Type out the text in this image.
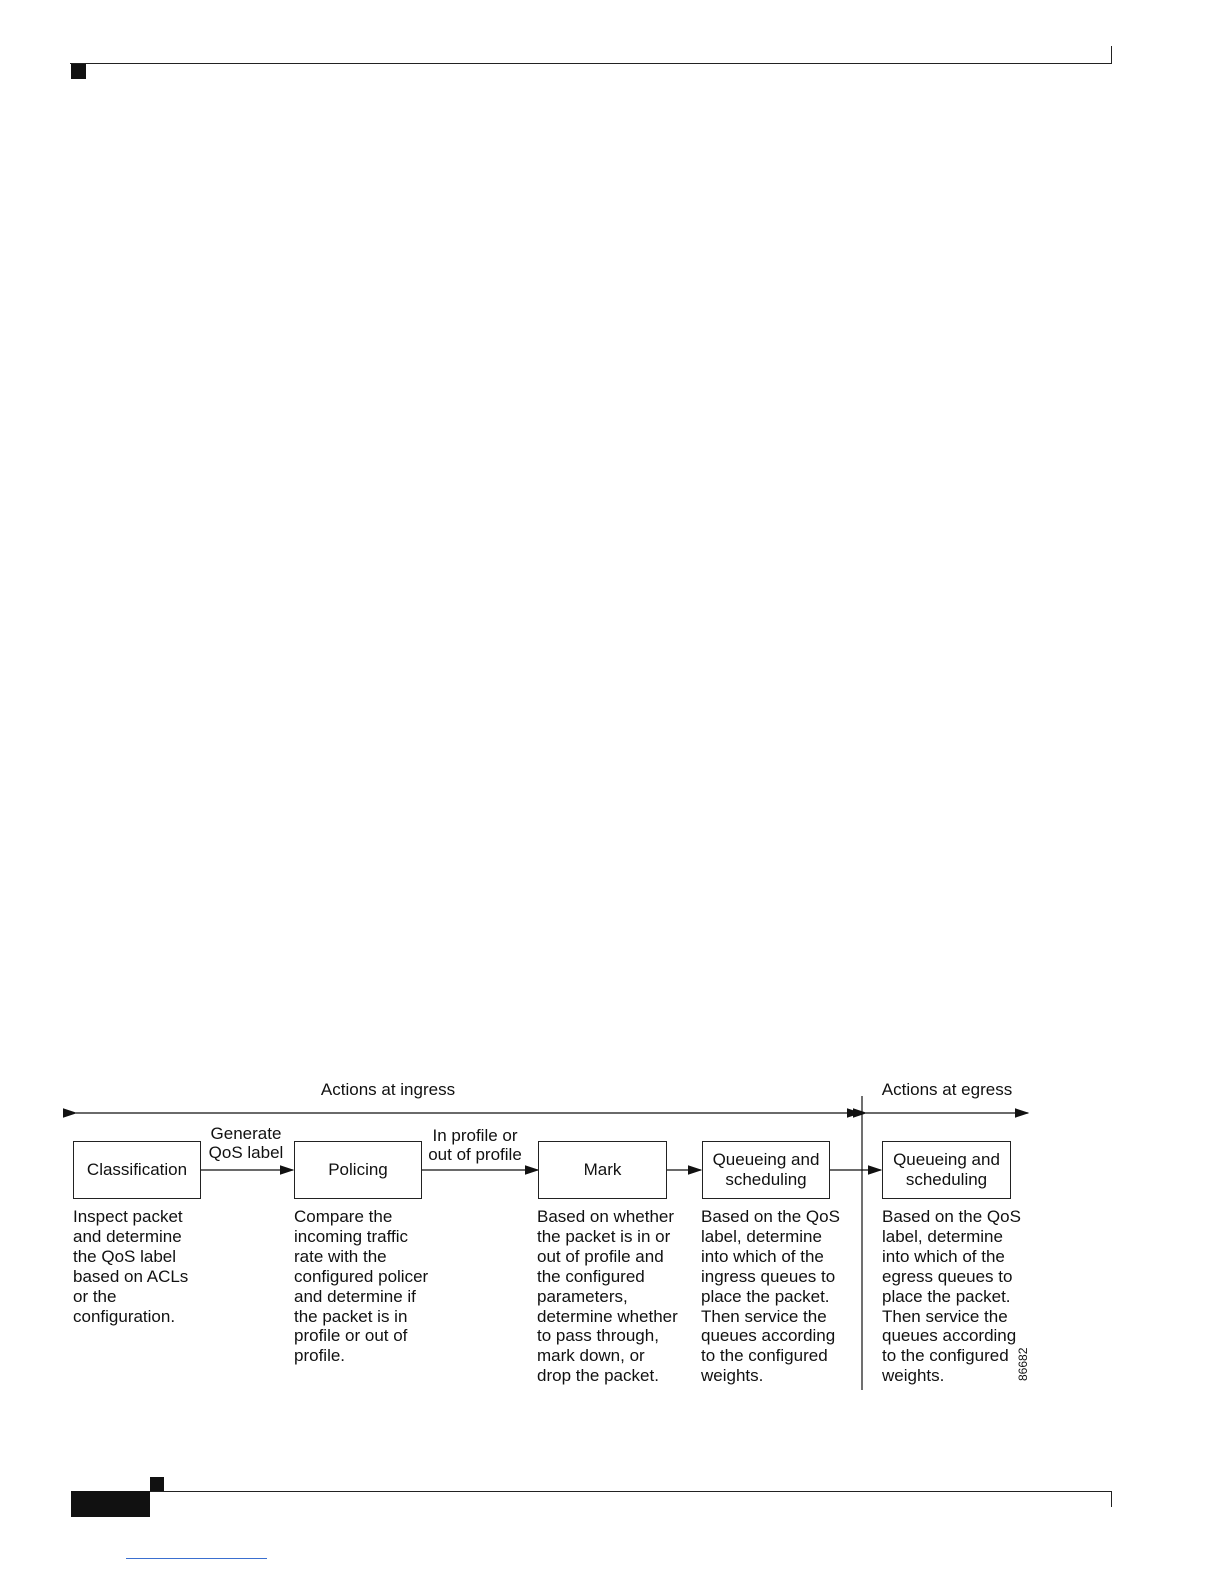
Actions at ingress	Actions at egress
Generate
QoS label
In profile or
out of profile
Classification	Policing	Mark
Queueing and
scheduling
Queueing and
scheduling
Inspect packet
and determine
the QoS label
based on ACLs
or the
configuration.
Compare the
incoming traffic
rate with the
configured policer
and determine if
the packet is in
profile or out of
profile.
Based on whether
the packet is in or
out of profile and
the configured
parameters,
determine whether
to pass through,
mark down, or
drop the packet.
Based on the QoS
label, determine
into which of the
ingress queues to
place the packet.
Then service the
queues according
to the configured
weights.
Based on the QoS
label, determine
into which of the
egress queues to
place the packet.
Then service the
queues according
to the configured
weights.	86682
